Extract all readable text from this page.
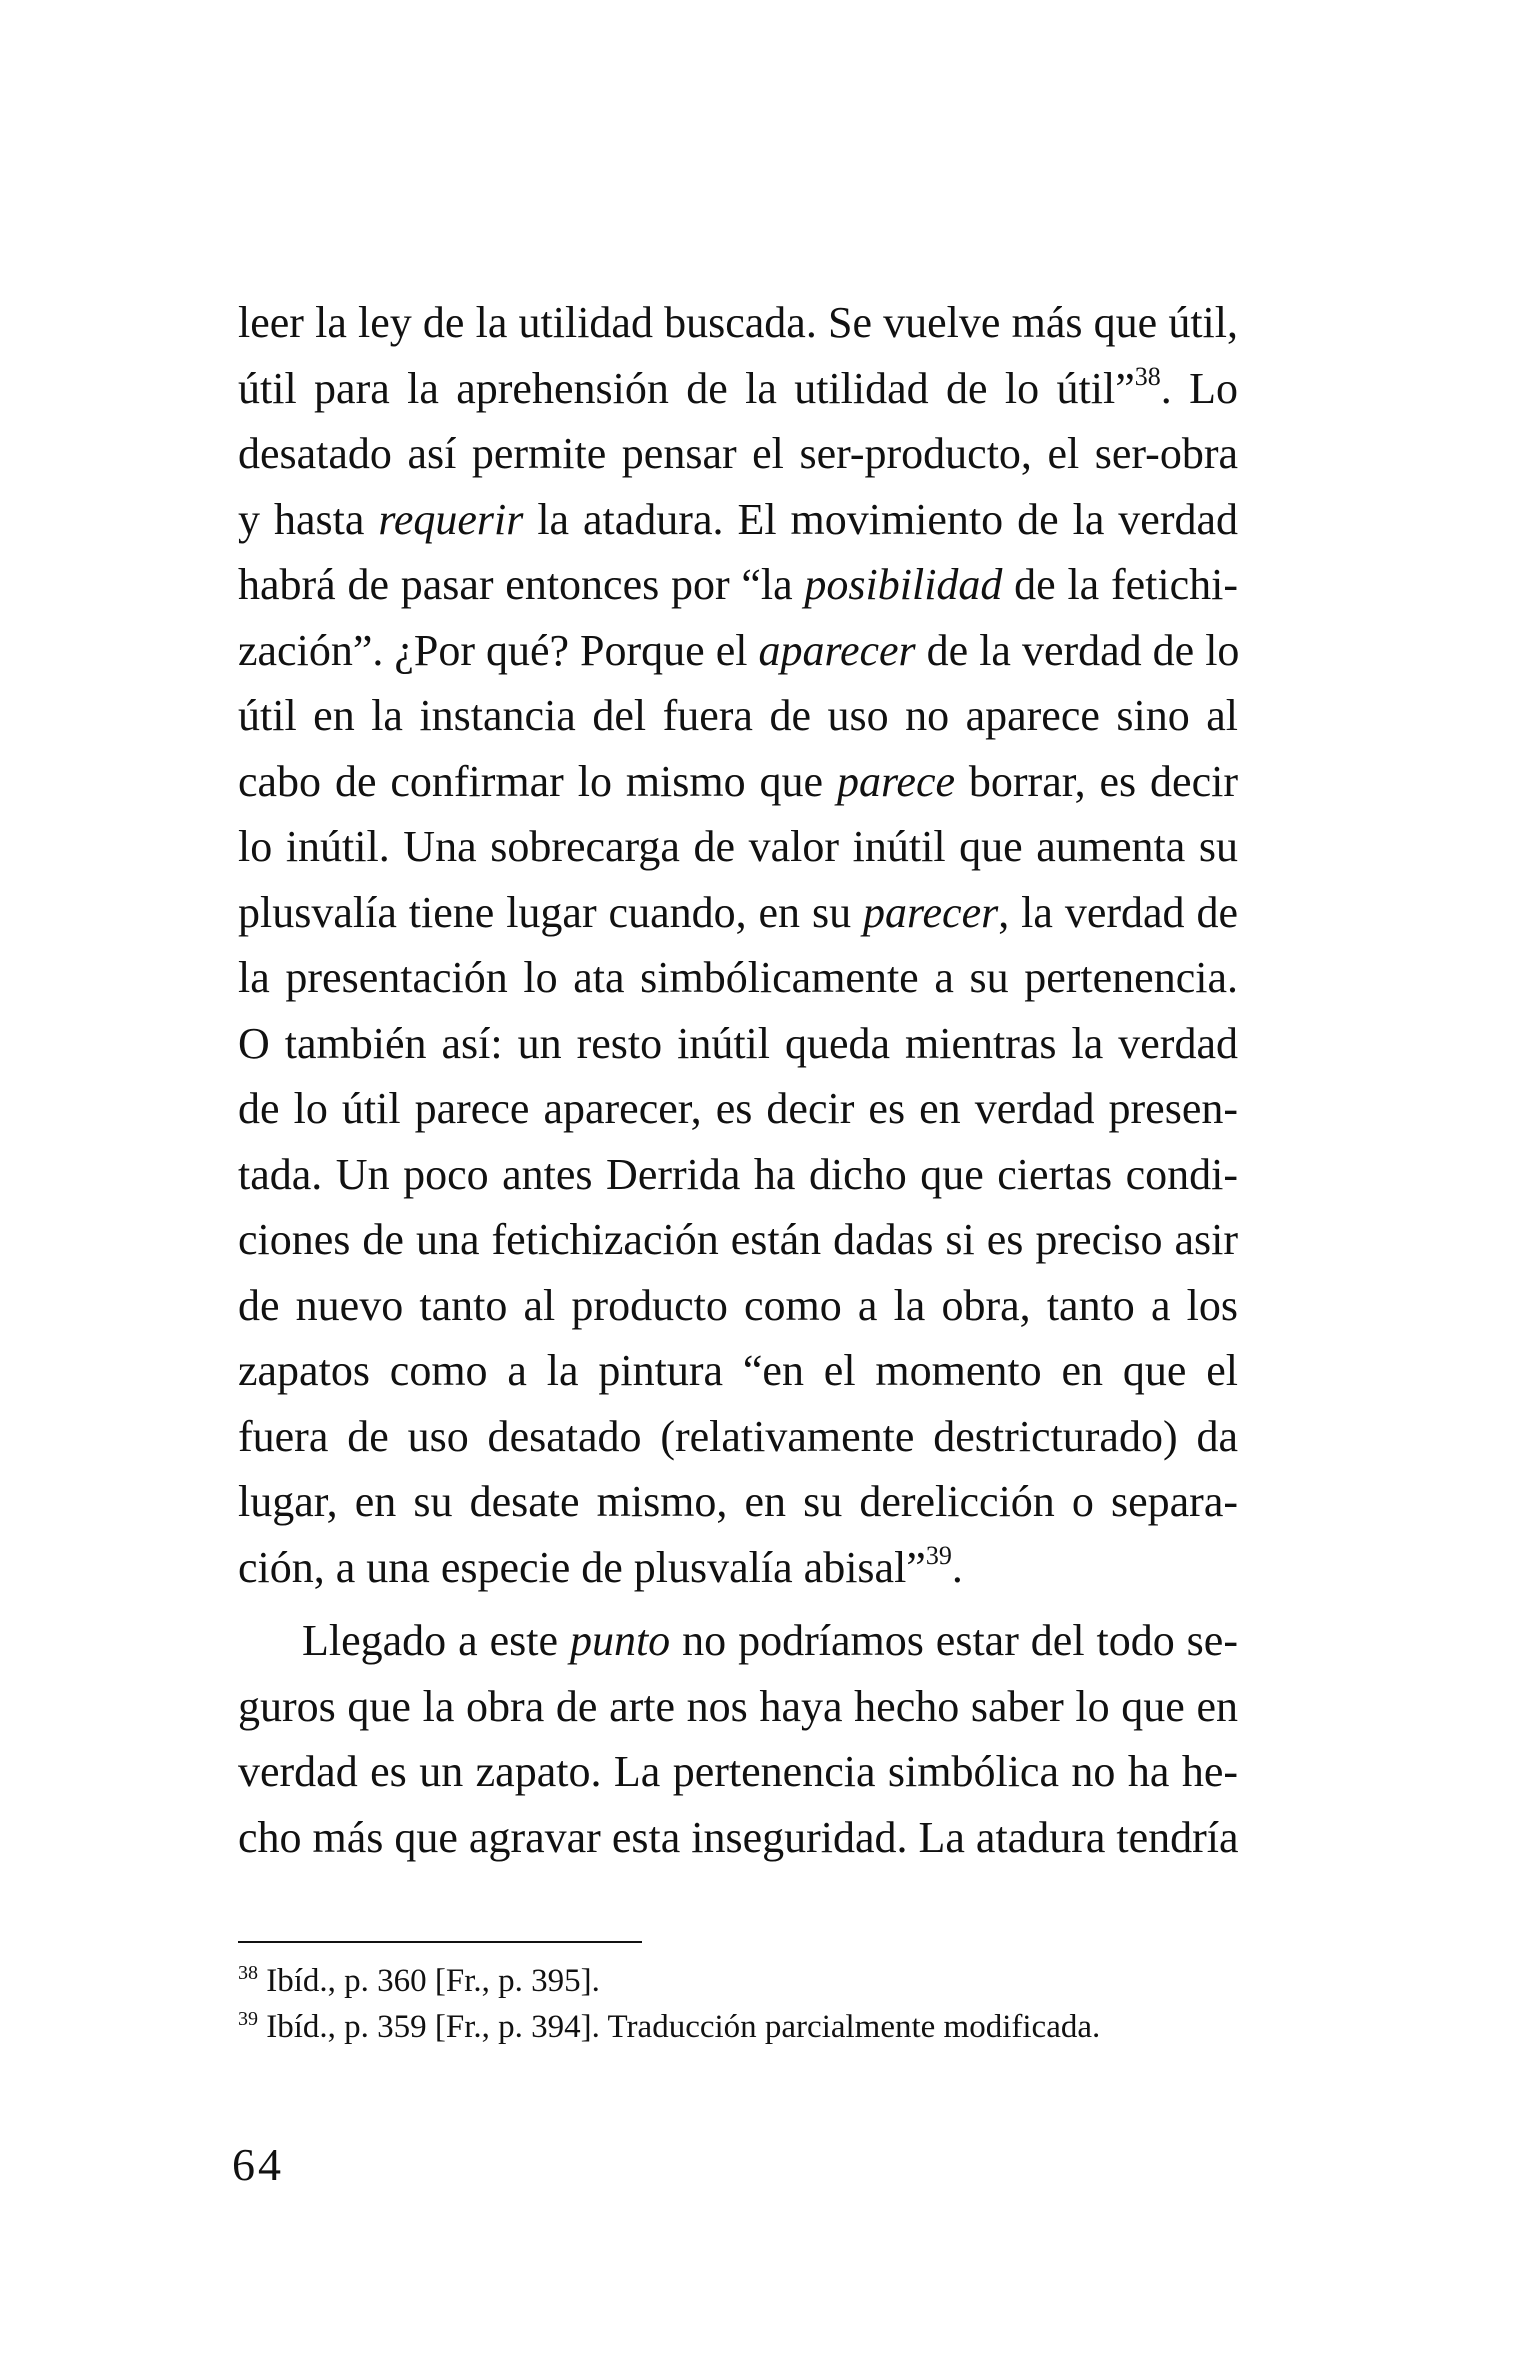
leer la ley de la utilidad buscada. Se vuelve más que útil,
útil para la aprehensión de la utilidad de lo útil”$^{38}$. Lo
desatado así permite pensar el ser-producto, el ser-obra
y hasta requerir la atadura. El movimiento de la verdad
habrá de pasar entonces por “la posibilidad de la fetichi-
zación”. ¿Por qué? Porque el aparecer de la verdad de lo
útil en la instancia del fuera de uso no aparece sino al
cabo de confirmar lo mismo que parece borrar, es decir
lo inútil. Una sobrecarga de valor inútil que aumenta su
plusvalía tiene lugar cuando, en su parecer, la verdad de
la presentación lo ata simbólicamente a su pertenencia.
O también así: un resto inútil queda mientras la verdad
de lo útil parece aparecer, es decir es en verdad presen-
tada. Un poco antes Derrida ha dicho que ciertas condi-
ciones de una fetichización están dadas si es preciso asir
de nuevo tanto al producto como a la obra, tanto a los
zapatos como a la pintura “en el momento en que el
fuera de uso desatado (relativamente destricturado) da
lugar, en su desate mismo, en su derelicción o separa-
ción, a una especie de plusvalía abisal”$^{39}$.
Llegado a este punto no podríamos estar del todo se-
guros que la obra de arte nos haya hecho saber lo que en
verdad es un zapato. La pertenencia simbólica no ha he-
cho más que agravar esta inseguridad. La atadura tendría
$^{38}$ Ibíd., p. 360 [Fr., p. 395].
$^{39}$ Ibíd., p. 359 [Fr., p. 394]. Traducción parcialmente modificada.
64
